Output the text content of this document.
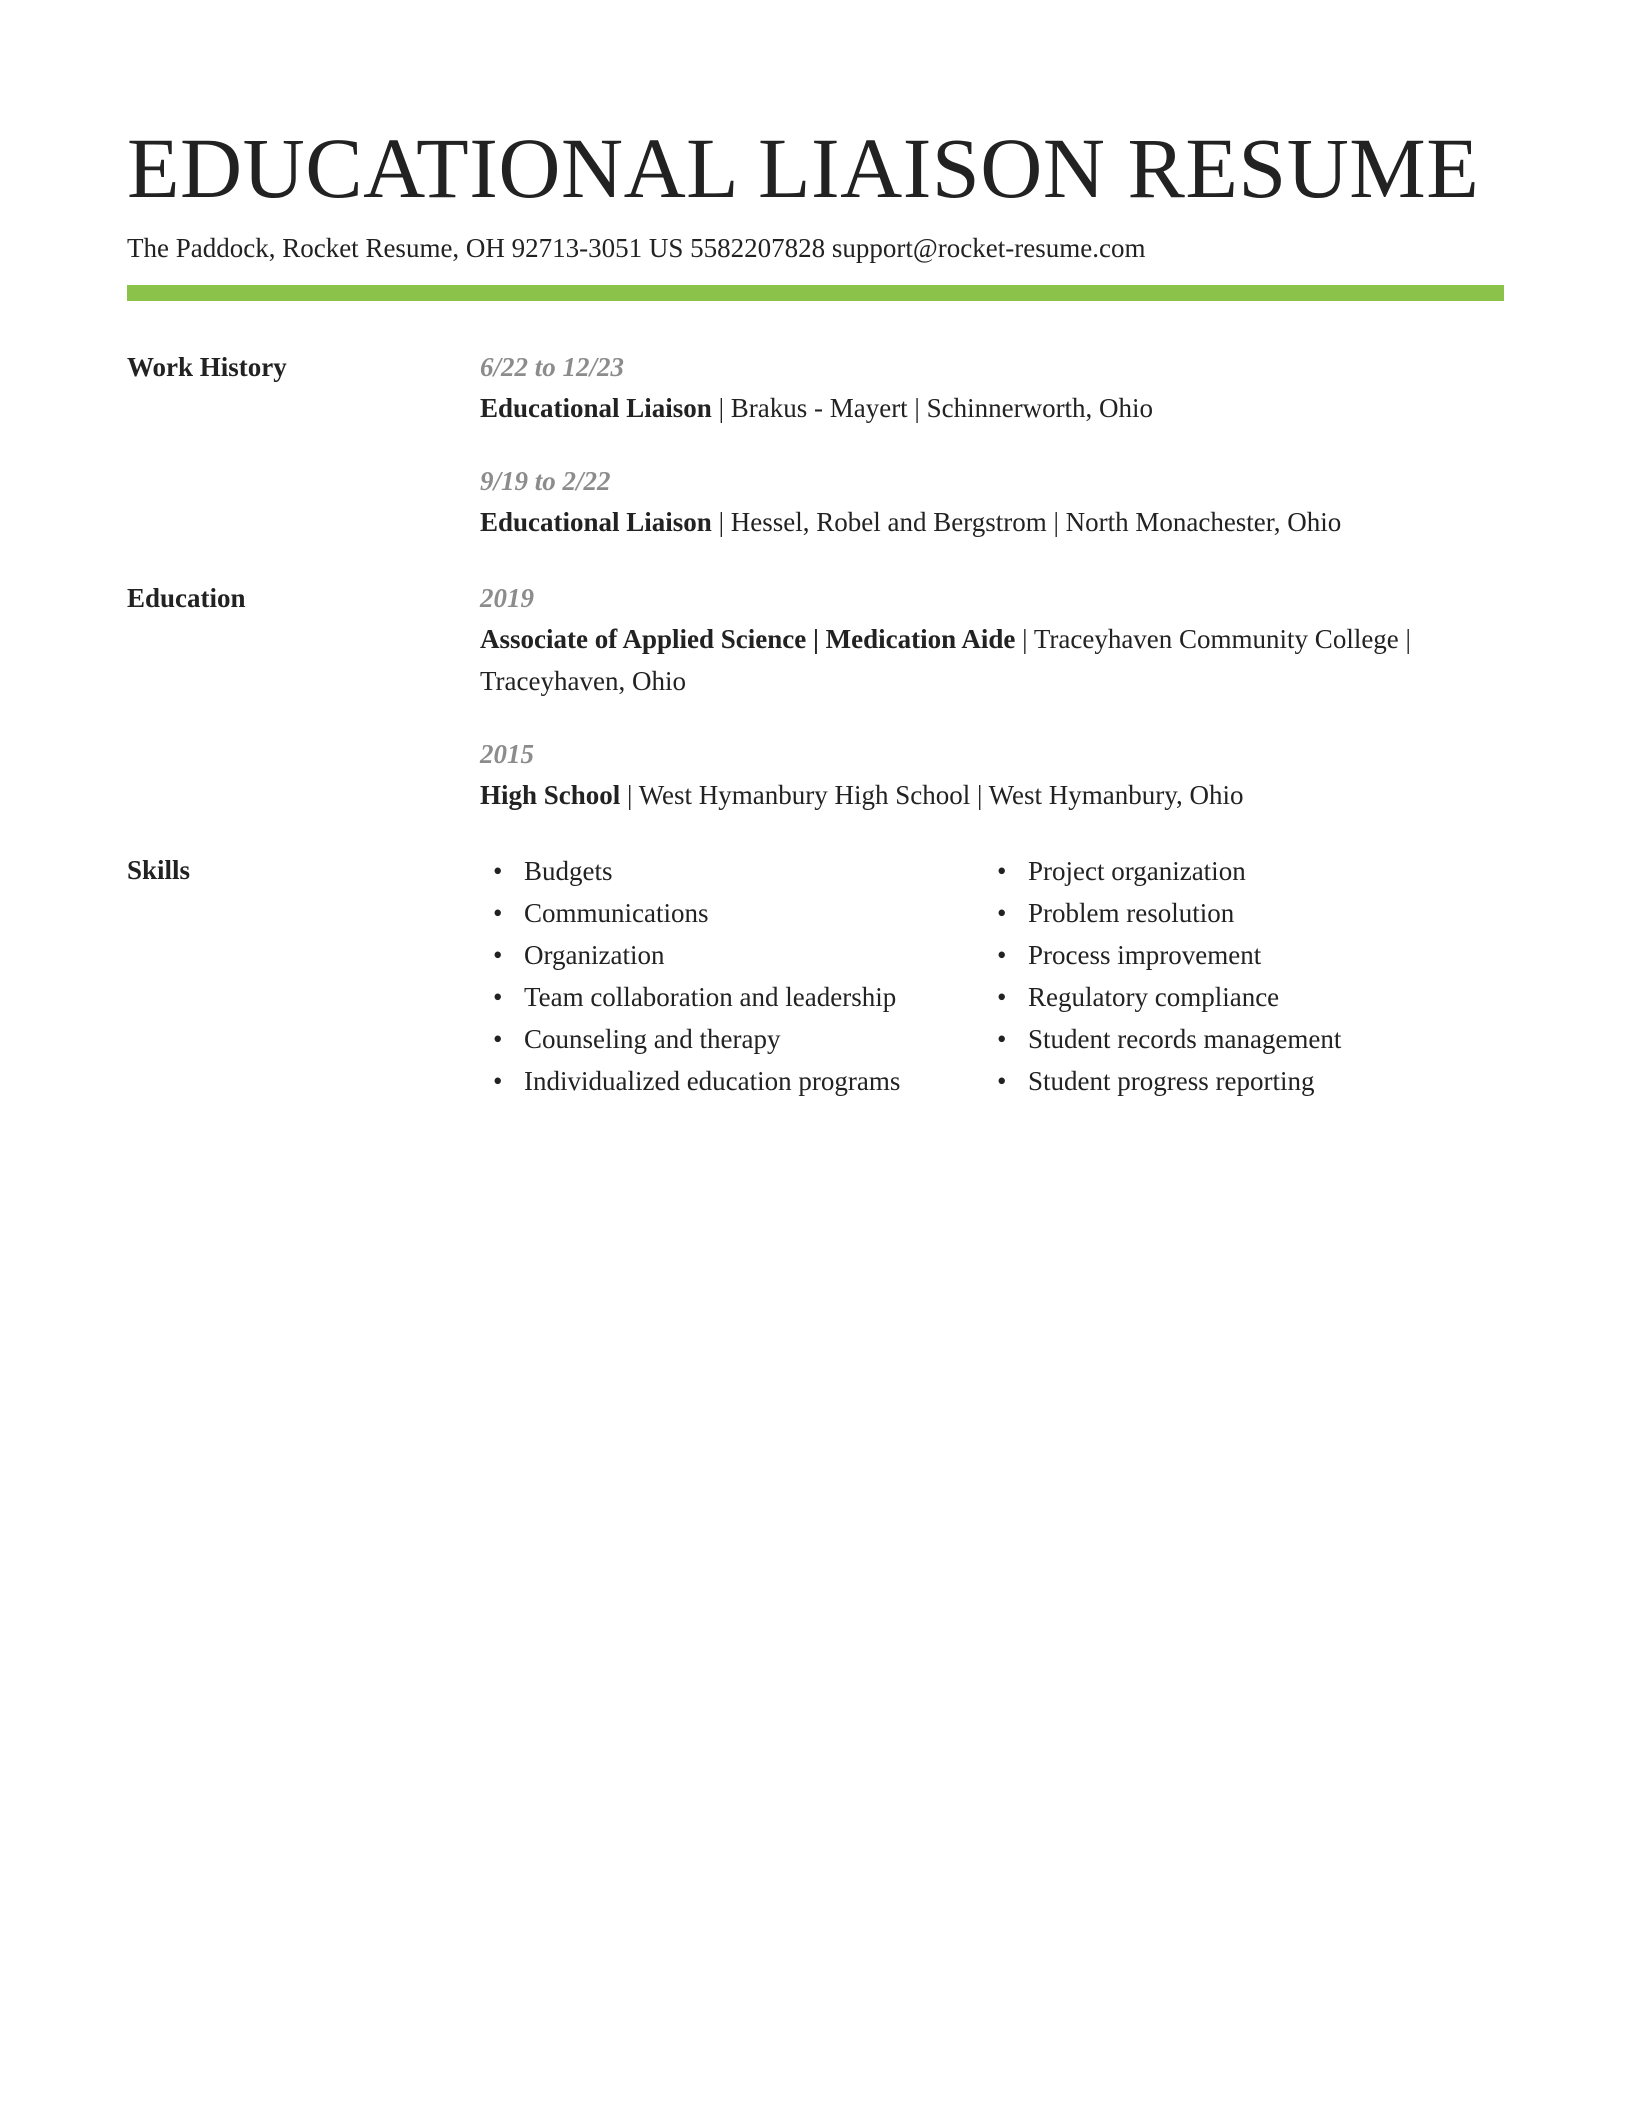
EDUCATIONAL LIAISON RESUME
The Paddock, Rocket Resume, OH 92713-3051 US 5582207828 support@rocket-resume.com
Work History	6/22 to 12/23
Educational Liaison | Brakus - Mayert | Schinnerworth, Ohio
9/19 to 2/22
Educational Liaison | Hessel, Robel and Bergstrom | North Monachester, Ohio
Education	2019
Associate of Applied Science | Medication Aide | Traceyhaven Community College | Traceyhaven, Ohio
2015
High School | West Hymanbury High School | West Hymanbury, Ohio
Skills	• Budgets
• Communications
• Organization
• Team collaboration and leadership
• Counseling and therapy
• Individualized education programs
• Project organization
• Problem resolution
• Process improvement
• Regulatory compliance
• Student records management
• Student progress reporting
